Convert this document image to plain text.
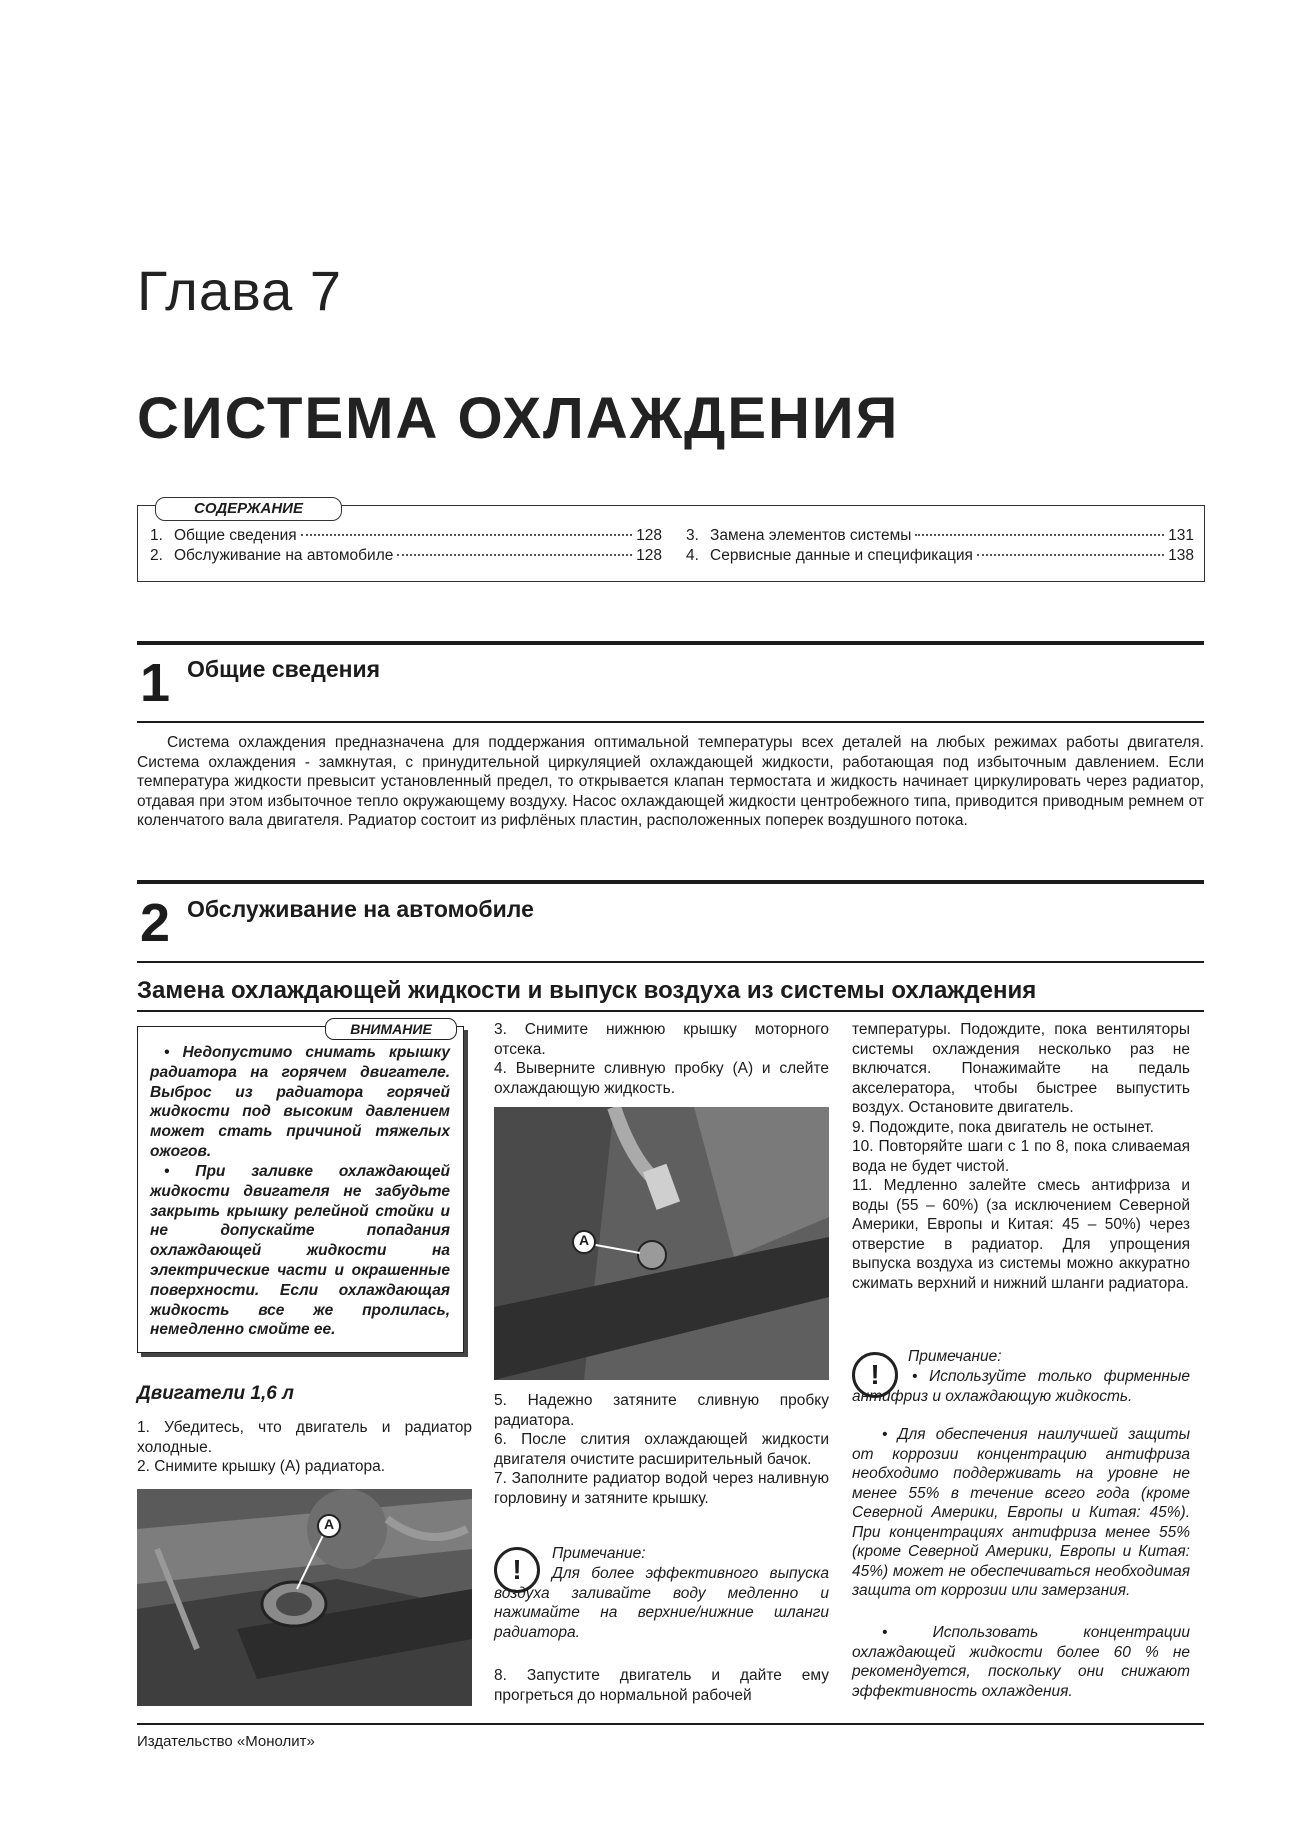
Глава 7
СИСТЕМА ОХЛАЖДЕНИЯ
СОДЕРЖАНИЕ
1. Общие сведения	128
2. Обслуживание на автомобиле	128
3. Замена элементов системы	131
4. Сервисные данные и спецификация	138
1 Общие сведения
Система охлаждения предназначена для поддержания оптимальной температуры всех деталей на любых режимах работы двигателя. Система охлаждения - замкнутая, с принудительной циркуляцией охлаждающей жидкости, работающая под избыточным давлением. Если температура жидкости превысит установленный предел, то открывается клапан термостата и жидкость начинает циркулировать через радиатор, отдавая при этом избыточное тепло окружающему воздуху. Насос охлаждающей жидкости центробежного типа, приводится приводным ремнем от коленчатого вала двигателя. Радиатор состоит из рифлёных пластин, расположенных поперек воздушного потока.
2 Обслуживание на автомобиле
Замена охлаждающей жидкости и выпуск воздуха из системы охлаждения
ВНИМАНИЕ
• Недопустимо снимать крышку радиатора на горячем двигателе. Выброс из радиатора горячей жидкости под высоким давлением может стать причиной тяжелых ожогов.
• При заливке охлаждающей жидкости двигателя не забудьте закрыть крышку релейной стойки и не допускайте попадания охлаждающей жидкости на электрические части и окрашенные поверхности. Если охлаждающая жидкость все же пролилась, немедленно смойте ее.
Двигатели 1,6 л

1. Убедитесь, что двигатель и радиатор холодные.

2. Снимите крышку (А) радиатора.

A

3. Снимите нижнюю крышку моторного отсека.

4. Выверните сливную пробку (А) и слейте охлаждающую жидкость.

A

5. Надежно затяните сливную пробку радиатора.

6. После слития охлаждающей жидкости двигателя очистите расширительный бачок.

7. Заполните радиатор водой через наливную горловину и затяните крышку.

!
Примечание:
Для более эффективного выпуска воздуха заливайте воду медленно и нажимайте на верхние/нижние шланги радиатора.
8. Запустите двигатель и дайте ему прогреться до нормальной рабочей

температуры. Подождите, пока вентиляторы системы охлаждения несколько раз не включатся. Понажимайте на педаль акселератора, чтобы быстрее выпустить воздух. Остановите двигатель.

9. Подождите, пока двигатель не остынет.

10. Повторяйте шаги с 1 по 8, пока сливаемая вода не будет чистой.

11. Медленно залейте смесь антифриза и воды (55 – 60%) (за исключением Северной Америки, Европы и Китая: 45 – 50%) через отверстие в радиатор. Для упрощения выпуска воздуха из системы можно аккуратно сжимать верхний и нижний шланги радиатора.

!
Примечание:
• Используйте только фирменные антифриз и охлаждающую жидкость.
• Для обеспечения наилучшей защиты от коррозии концентрацию антифриза необходимо поддерживать на уровне не менее 55% в течение всего года (кроме Северной Америки, Европы и Китая: 45%). При концентрациях антифриза менее 55% (кроме Северной Америки, Европы и Китая: 45%) может не обеспечиваться необходимая защита от коррозии или замерзания.
• Использовать концентрации охлаждающей жидкости более 60 % не рекомендуется, поскольку они снижают эффективность охлаждения.
Издательство «Монолит»
